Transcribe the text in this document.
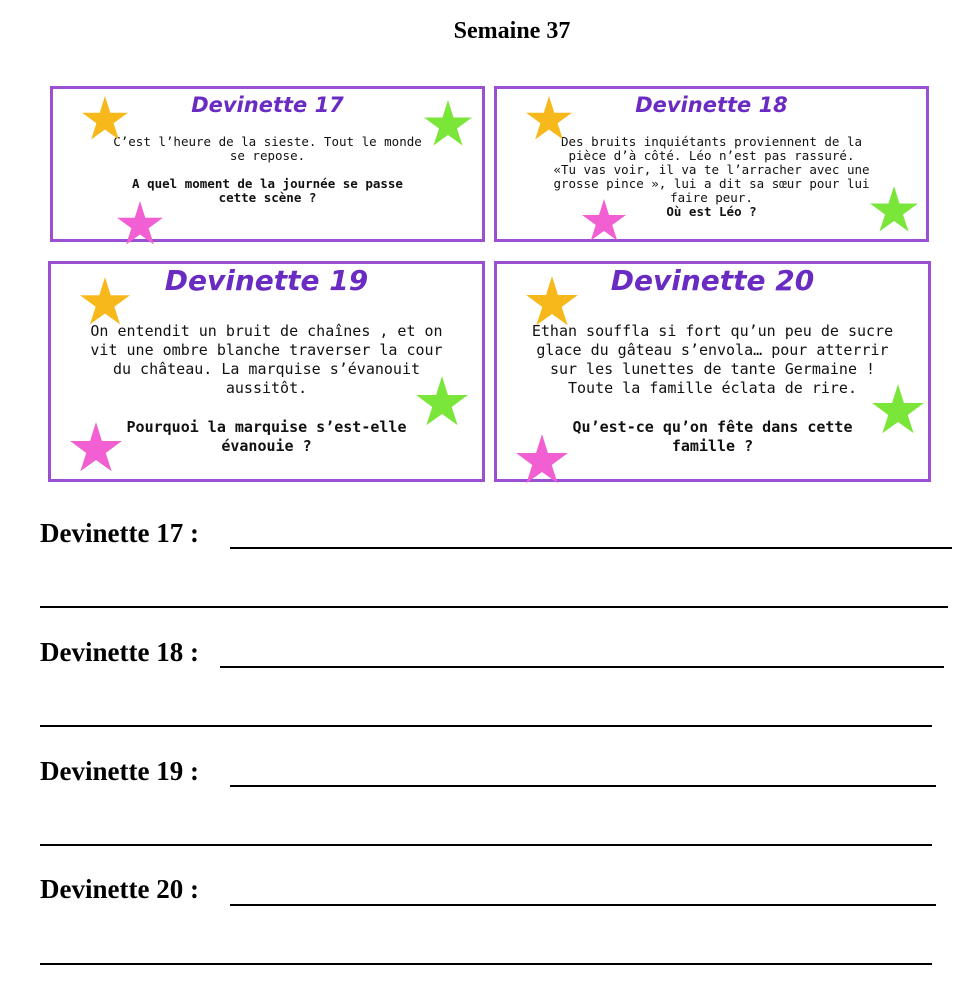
Semaine 37
Devinette 17

C’est l’heure de la sieste. Tout le monde

se repose.

A quel moment de la journée se passe

cette scène ?

Devinette 18

Des bruits inquiétants proviennent de la

pièce d’à côté. Léo n’est pas rassuré.

«Tu vas voir, il va te l’arracher avec une

grosse pince », lui a dit sa sœur pour lui

faire peur.

Où est Léo ?

Devinette 19

On entendit un bruit de chaînes , et on

vit une ombre blanche traverser la cour

du château. La marquise s’évanouit

aussitôt.

Pourquoi la marquise s’est-elle

évanouie ?

Devinette 20

Ethan souffla si fort qu’un peu de sucre

glace du gâteau s’envola… pour atterrir

sur les lunettes de tante Germaine !

Toute la famille éclata de rire.

Qu’est-ce qu’on fête dans cette

famille ?

Devinette 17 :
Devinette 18 :
Devinette 19 :
Devinette 20 :
